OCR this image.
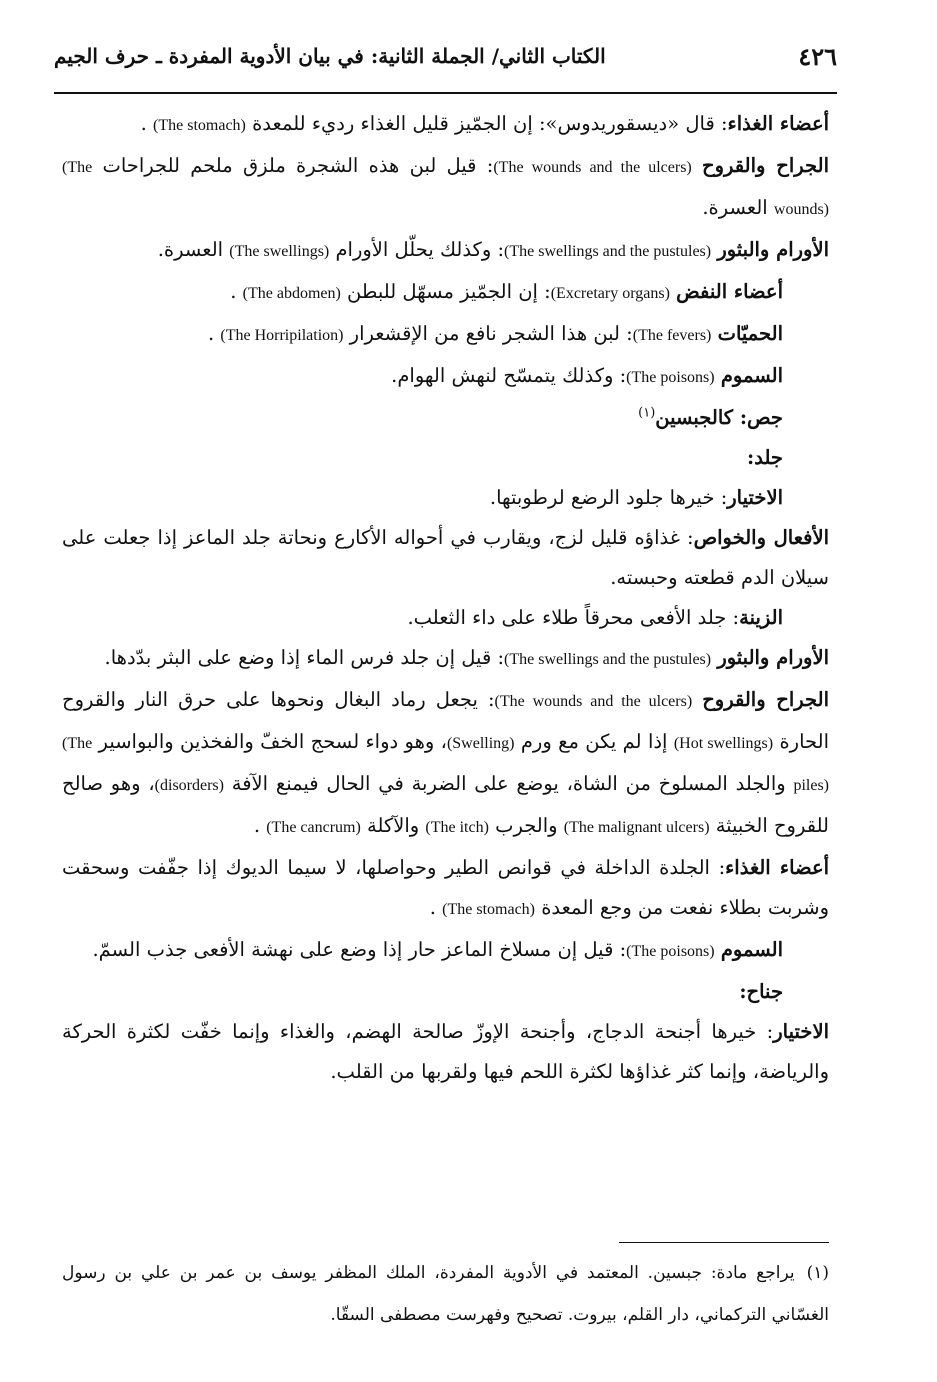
٤٢٦
الكتاب الثاني/ الجملة الثانية: في بيان الأدوية المفردة ـ حرف الجيم

أعضاء الغذاء: قال «ديسقوريدوس»: إن الجمّيز قليل الغذاء رديء للمعدة (The stomach) .

الجراح والقروح (The wounds and the ulcers): قيل لبن هذه الشجرة ملزق ملحم للجراحات (The wounds) العسرة.

الأورام والبثور (The swellings and the pustules): وكذلك يحلّل الأورام (The swellings) العسرة.

أعضاء النفض (Excretary organs): إن الجمّيز مسهّل للبطن (The abdomen) .

الحميّات (The fevers): لبن هذا الشجر نافع من الإقشعرار (The Horripilation) .

السموم (The poisons): وكذلك يتمسّح لنهش الهوام.

جص: كالجبسين$^{(١)}$

جلد:

الاختيار: خيرها جلود الرضع لرطوبتها.

الأفعال والخواص: غذاؤه قليل لزج، ويقارب في أحواله الأكارع ونحاتة جلد الماعز إذا جعلت على سيلان الدم قطعته وحبسته.

الزينة: جلد الأفعى محرقاً طلاء على داء الثعلب.

الأورام والبثور (The swellings and the pustules): قيل إن جلد فرس الماء إذا وضع على البثر بدّدها.

الجراح والقروح (The wounds and the ulcers): يجعل رماد البغال ونحوها على حرق النار والقروح الحارة (Hot swellings) إذا لم يكن مع ورم (Swelling)، وهو دواء لسحج الخفّ والفخذين والبواسير (The piles) والجلد المسلوخ من الشاة، يوضع على الضربة في الحال فيمنع الآفة (disorders)، وهو صالح للقروح الخبيثة (The malignant ulcers) والجرب (The itch) والآكلة (The cancrum) .

أعضاء الغذاء: الجلدة الداخلة في قوانص الطير وحواصلها، لا سيما الديوك إذا جفّفت وسحقت وشربت بطلاء نفعت من وجع المعدة (The stomach) .

السموم (The poisons): قيل إن مسلاخ الماعز حار إذا وضع على نهشة الأفعى جذب السمّ.

جناح:

الاختيار: خيرها أجنحة الدجاج، وأجنحة الإوزّ صالحة الهضم، والغذاء وإنما خفّت لكثرة الحركة والرياضة، وإنما كثر غذاؤها لكثرة اللحم فيها ولقربها من القلب.

(١)يراجع مادة: جبسين. المعتمد في الأدوية المفردة، الملك المظفر يوسف بن عمر بن علي بن رسول الغسّاني التركماني، دار القلم، بيروت. تصحيح وفهرست مصطفى السقّا.
